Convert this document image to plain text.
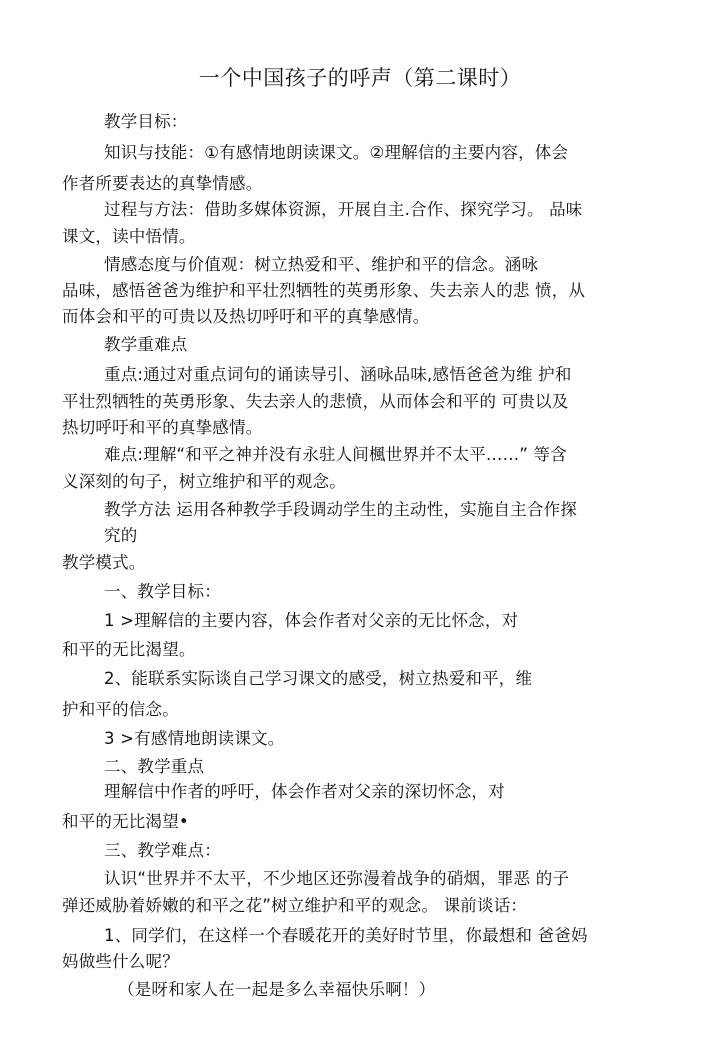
一个中国孩子的呼声（第二课时）
教学目标：
知识与技能：①有感情地朗读课文。②理解信的主要内容，体会
作者所要表达的真挚情感。
过程与方法：借助多媒体资源，开展自主.合作、探究学习。 品味
课文，读中悟情。
情感态度与价值观：树立热爱和平、维护和平的信念。涵咏
品味，感悟爸爸为维护和平壮烈牺牲的英勇形象、失去亲人的悲 愤，从
而体会和平的可贵以及热切呼吁和平的真挚感情。
教学重难点
重点:通过对重点词句的诵读导引、涵咏品味,感悟爸爸为维 护和
平壮烈牺牲的英勇形象、失去亲人的悲愤，从而体会和平的 可贵以及
热切呼吁和平的真挚感情。
难点:理解“和平之神并没有永驻人间楓世界并不太平……” 等含
义深刻的句子，树立维护和平的观念。
教学方法 运用各种教学手段调动学生的主动性，实施自主合作探
究的
教学模式。
一、教学目标：
1 >理解信的主要内容，体会作者对父亲的无比怀念，对
和平的无比渴望。
2、能联系实际谈自己学习课文的感受，树立热爱和平，维
护和平的信念。
3 >有感情地朗读课文。
二、教学重点
理解信中作者的呼吁，体会作者对父亲的深切怀念，对
和平的无比渴望•
三、教学难点：
认识“世界并不太平，不少地区还弥漫着战争的硝烟，罪恶 的子
弹还威胁着娇嫩的和平之花”树立维护和平的观念。 课前谈话：
1、同学们，在这样一个春暖花开的美好时节里，你最想和 爸爸妈
妈做些什么呢？
（是呀和家人在一起是多么幸福快乐啊！）
